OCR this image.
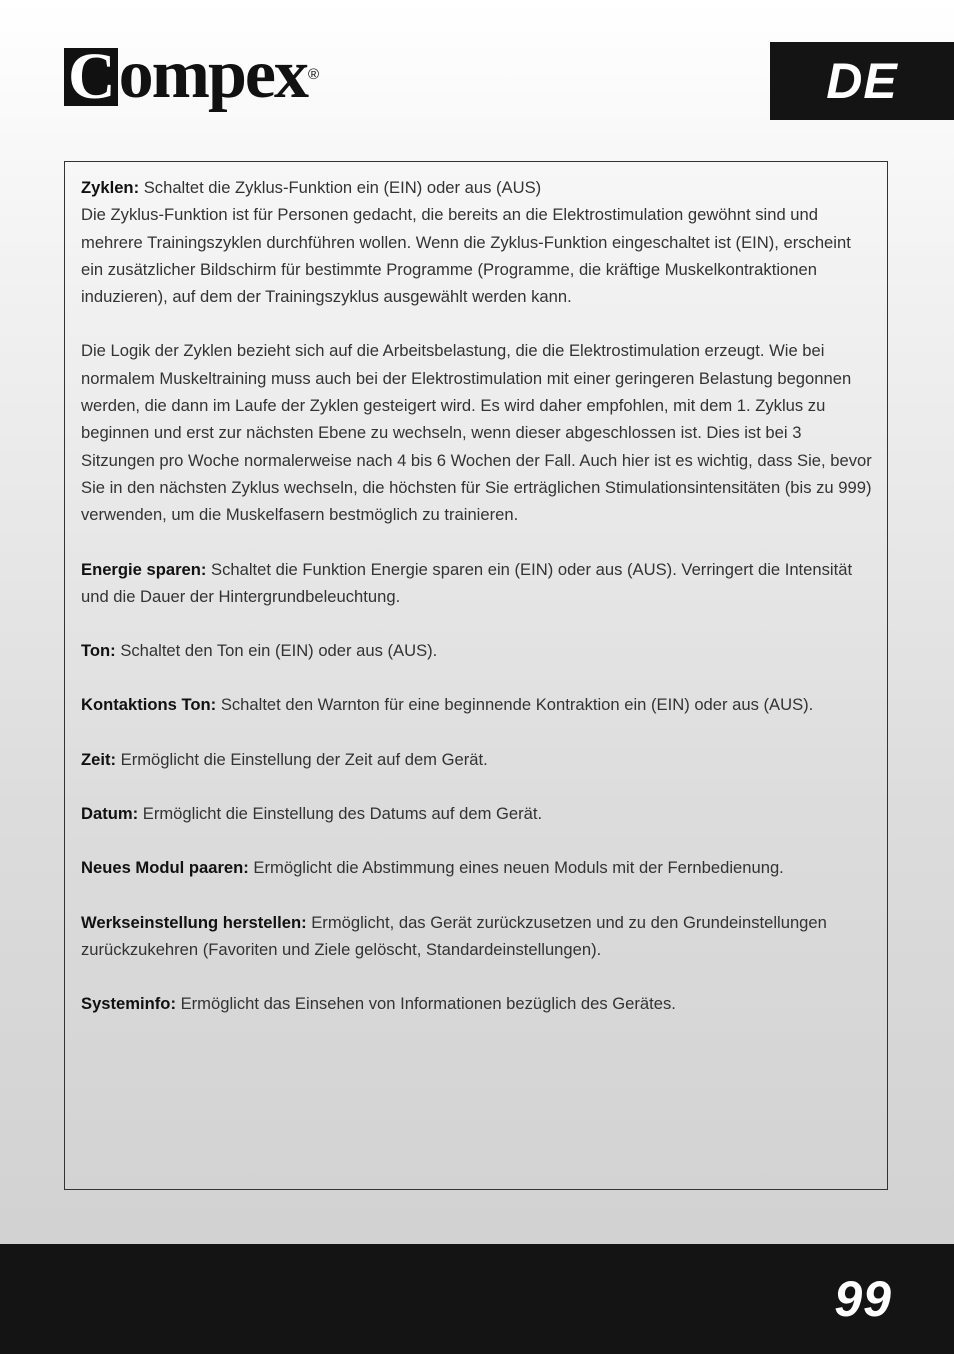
C ompex ®	DE

Zyklen: Schaltet die Zyklus-Funktion ein (EIN) oder aus (AUS)
Die Zyklus-Funktion ist für Personen gedacht, die bereits an die Elektrostimulation gewöhnt sind und mehrere Trainingszyklen durchführen wollen. Wenn die Zyklus-Funktion eingeschaltet ist (EIN), erscheint ein zusätzlicher Bildschirm für bestimmte Programme (Programme, die kräftige Muskelkontraktionen induzieren), auf dem der Trainingszyklus ausgewählt werden kann.

Die Logik der Zyklen bezieht sich auf die Arbeitsbelastung, die die Elektrostimulation erzeugt. Wie bei normalem Muskeltraining muss auch bei der Elektrostimulation mit einer geringeren Belastung begonnen werden, die dann im Laufe der Zyklen gesteigert wird. Es wird daher empfohlen, mit dem 1. Zyklus zu beginnen und erst zur nächsten Ebene zu wechseln, wenn dieser abgeschlossen ist. Dies ist bei 3 Sitzungen pro Woche normalerweise nach 4 bis 6 Wochen der Fall. Auch hier ist es wichtig, dass Sie, bevor Sie in den nächsten Zyklus wechseln, die höchsten für Sie erträglichen Stimulationsintensitäten (bis zu 999) verwenden, um die Muskelfasern bestmöglich zu trainieren.

Energie sparen: Schaltet die Funktion Energie sparen ein (EIN) oder aus (AUS). Verringert die Intensität und die Dauer der Hintergrundbeleuchtung.

Ton: Schaltet den Ton ein (EIN) oder aus (AUS).

Kontaktions Ton: Schaltet den Warnton für eine beginnende Kontraktion ein (EIN) oder aus (AUS).

Zeit: Ermöglicht die Einstellung der Zeit auf dem Gerät.

Datum: Ermöglicht die Einstellung des Datums auf dem Gerät.

Neues Modul paaren: Ermöglicht die Abstimmung eines neuen Moduls mit der Fernbedienung.

Werkseinstellung herstellen: Ermöglicht, das Gerät zurückzusetzen und zu den Grundeinstellungen zurückzukehren (Favoriten und Ziele gelöscht, Standardeinstellungen).

Systeminfo: Ermöglicht das Einsehen von Informationen bezüglich des Gerätes.

99
